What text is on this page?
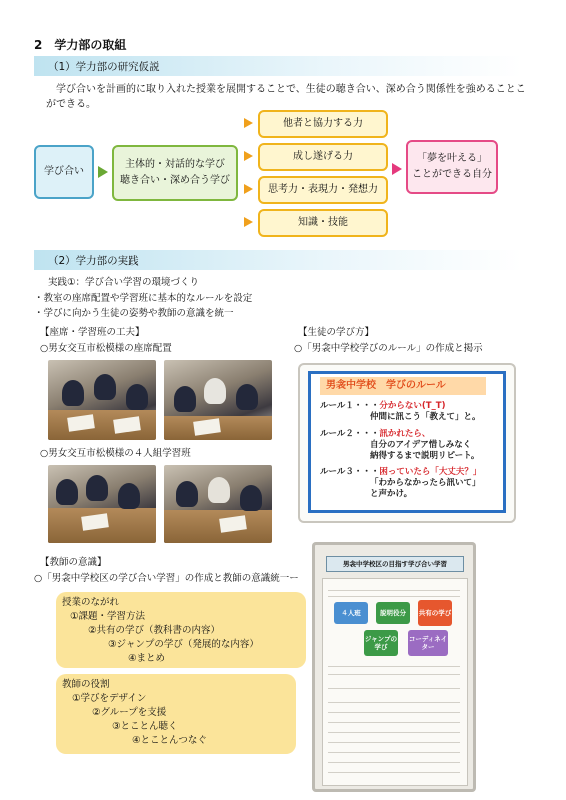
2　学力部の取組
（1）学力部の研究仮説
学び合いを計画的に取り入れた授業を展開することで、生徒の聴き合い、深め合う関係性を強めることこ
ができる。
学び合い
主体的・対話的な学び
聴き合い・深め合う学び
他者と協力する力
成し遂げる力
思考力・表現力・発想力
知識・技能
「夢を叶える」
ことができる自分
（2）学力部の実践
実践①：学び合い学習の環境づくり
・教室の座席配置や学習班に基本的なルールを設定
・学びに向かう生徒の姿勢や教師の意識を統一
【座席・学習班の工夫】
○男女交互市松模様の座席配置
【生徒の学び方】
○「男衾中学校学びのルール」の作成と掲示
○男女交互市松模様の４人組学習班
男衾中学校　学びのルール
ルール１・・・分からない(T_T)
仲間に訊こう「教えて」と。
ルール２・・・訊かれたら、
自分のアイデア惜しみなく
納得するまで説明リピート。
ルール３・・・困っていたら「大丈夫？」
「わからなかったら訊いて」
と声かけ。
【教師の意識】
○「男衾中学校区の学び合い学習」の作成と教師の意識統一ー
授業のながれ
①課題・学習方法
②共有の学び（教科書の内容）
③ジャンプの学び（発展的な内容）
④まとめ
教師の役割
①学びをデザイン
②グループを支援
③とことん聴く
④とことんつなぐ
男衾中学校区の目指す学び合い学習
４人班	説明役分	共有の学び
ジャンプの学び
コーディネイター
